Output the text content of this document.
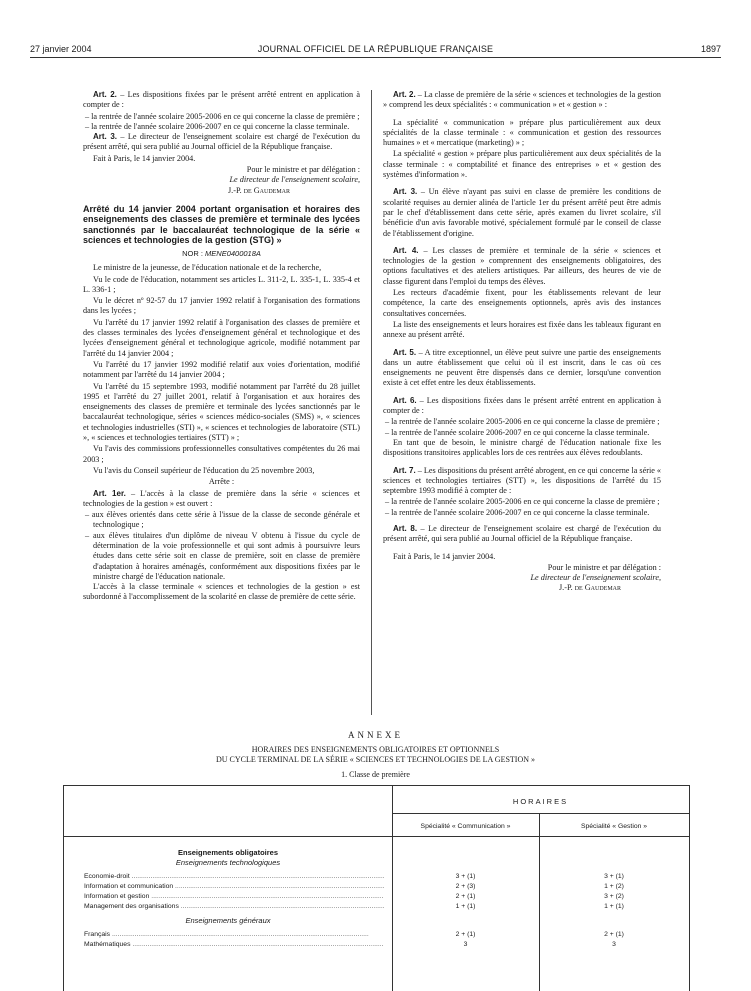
27 janvier 2004	JOURNAL OFFICIEL DE LA RÉPUBLIQUE FRANÇAISE	1897

Art. 2. – Les dispositions fixées par le présent arrêté entrent en application à compter de :

– la rentrée de l'année scolaire 2005-2006 en ce qui concerne la classe de première ;
– la rentrée de l'année scolaire 2006-2007 en ce qui concerne la classe terminale.

Art. 3. – Le directeur de l'enseignement scolaire est chargé de l'exécution du présent arrêté, qui sera publié au Journal officiel de la République française.

Fait à Paris, le 14 janvier 2004.

Pour le ministre et par délégation :

Le directeur de l'enseignement scolaire,

J.-P. de Gaudemar

Arrêté du 14 janvier 2004 portant organisation et horaires des enseignements des classes de première et terminale des lycées sanctionnés par le baccalauréat technologique de la série « sciences et technologies de la gestion (STG) »

NOR : MENE0400018A

Le ministre de la jeunesse, de l'éducation nationale et de la recherche,

Vu le code de l'éducation, notamment ses articles L. 311-2, L. 335-1, L. 335-4 et L. 336-1 ;

Vu le décret nº 92-57 du 17 janvier 1992 relatif à l'organisation des formations dans les lycées ;

Vu l'arrêté du 17 janvier 1992 relatif à l'organisation des classes de première et des classes terminales des lycées d'enseignement général et technologique et des lycées d'enseignement général et technologique agricole, modifié notamment par l'arrêté du 14 janvier 2004 ;

Vu l'arrêté du 17 janvier 1992 modifié relatif aux voies d'orientation, modifié notamment par l'arrêté du 14 janvier 2004 ;

Vu l'arrêté du 15 septembre 1993, modifié notamment par l'arrêté du 28 juillet 1995 et l'arrêté du 27 juillet 2001, relatif à l'organisation et aux horaires des enseignements des classes de première et terminale des lycées sanctionnés par le baccalauréat technologique, séries « sciences médico-sociales (SMS) », « sciences et technologies industrielles (STI) », « sciences et technologies de laboratoire (STL) », « sciences et technologies tertiaires (STT) » ;

Vu l'avis des commissions professionnelles consultatives compétentes du 26 mai 2003 ;

Vu l'avis du Conseil supérieur de l'éducation du 25 novembre 2003,

Arrête :

Art. 1er. – L'accès à la classe de première dans la série « sciences et technologies de la gestion » est ouvert :

– aux élèves orientés dans cette série à l'issue de la classe de seconde générale et technologique ;
– aux élèves titulaires d'un diplôme de niveau V obtenu à l'issue du cycle de détermination de la voie professionnelle et qui sont admis à poursuivre leurs études dans cette série soit en classe de première, soit en classe de première d'adaptation à horaires aménagés, conformément aux dispositions fixées par le ministre chargé de l'éducation nationale.

L'accès à la classe terminale « sciences et technologies de la gestion » est subordonné à l'accomplissement de la scolarité en classe de première de cette série.

Art. 2. – La classe de première de la série « sciences et technologies de la gestion » comprend les deux spécialités : « communication » et « gestion » :

La spécialité « communication » prépare plus particulièrement aux deux spécialités de la classe terminale : « communication et gestion des ressources humaines » et « mercatique (marketing) » ;

La spécialité « gestion » prépare plus particulièrement aux deux spécialités de la classe terminale : « comptabilité et finance des entreprises » et « gestion des systèmes d'information ».

Art. 3. – Un élève n'ayant pas suivi en classe de première les conditions de scolarité requises au dernier alinéa de l'article 1er du présent arrêté peut être admis par le chef d'établissement dans cette série, après examen du livret scolaire, s'il bénéficie d'un avis favorable motivé, spécialement formulé par le conseil de classe de l'établissement d'origine.

Art. 4. – Les classes de première et terminale de la série « sciences et technologies de la gestion » comprennent des enseignements obligatoires, des options facultatives et des ateliers artistiques. Par ailleurs, des heures de vie de classe figurent dans l'emploi du temps des élèves.

Les recteurs d'académie fixent, pour les établissements relevant de leur compétence, la carte des enseignements optionnels, après avis des instances consultatives concernées.

La liste des enseignements et leurs horaires est fixée dans les tableaux figurant en annexe au présent arrêté.

Art. 5. – A titre exceptionnel, un élève peut suivre une partie des enseignements dans un autre établissement que celui où il est inscrit, dans le cas où ces enseignements ne peuvent être dispensés dans ce dernier, lorsqu'une convention existe à cet effet entre les deux établissements.

Art. 6. – Les dispositions fixées dans le présent arrêté entrent en application à compter de :

– la rentrée de l'année scolaire 2005-2006 en ce qui concerne la classe de première ;
– la rentrée de l'année scolaire 2006-2007 en ce qui concerne la classe terminale.

En tant que de besoin, le ministre chargé de l'éducation nationale fixe les dispositions transitoires applicables lors de ces rentrées aux élèves redoublants.

Art. 7. – Les dispositions du présent arrêté abrogent, en ce qui concerne la série « sciences et technologies tertiaires (STT) », les dispositions de l'arrêté du 15 septembre 1993 modifié à compter de :

– la rentrée de l'année scolaire 2005-2006 en ce qui concerne la classe de première ;
– la rentrée de l'année scolaire 2006-2007 en ce qui concerne la classe terminale.

Art. 8. – Le directeur de l'enseignement scolaire est chargé de l'exécution du présent arrêté, qui sera publié au Journal officiel de la République française.

Fait à Paris, le 14 janvier 2004.

Pour le ministre et par délégation :

Le directeur de l'enseignement scolaire,

J.-P. de Gaudemar

ANNEXE
HORAIRES DES ENSEIGNEMENTS OBLIGATOIRES ET OPTIONNELS
DU CYCLE TERMINAL DE LA SÉRIE « SCIENCES ET TECHNOLOGIES DE LA GESTION »
1. Classe de première
HORAIRES
Spécialité « Communication »	Spécialité « Gestion »
Enseignements obligatoires
Enseignements technologiques
Economie-droit .....	3 + (1)	3 + (1)
Information et communication .....	2 + (3)	1 + (2)
Information et gestion .....	2 + (1)	3 + (2)
Management des organisations .....	1 + (1)	1 + (1)
Enseignements généraux
Français .....	2 + (1)	2 + (1)
Mathématiques .....	3	3
